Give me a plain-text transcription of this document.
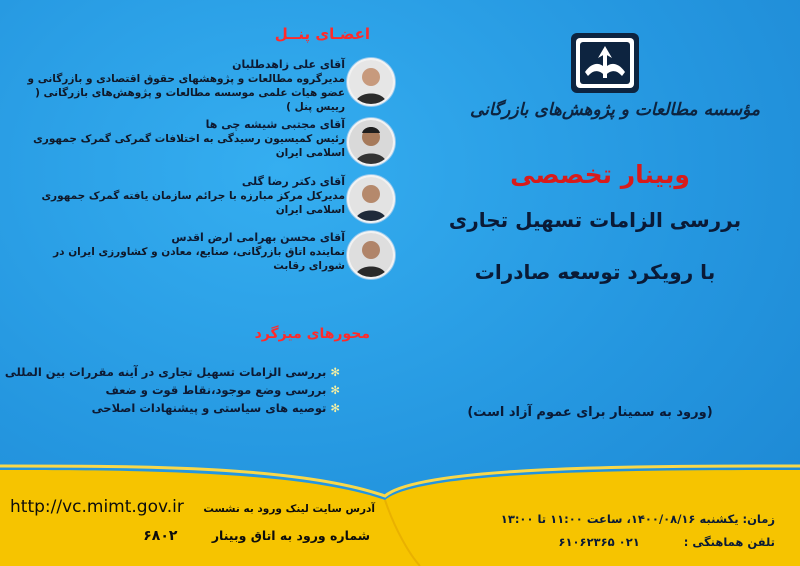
اعضـای پنــل
آقای علی زاهدطلبان
مدیرگروه مطالعات و پژوهشهای حقوق اقتصادی و بازرگانی و عضو هیات علمی موسسه مطالعات و پژوهش‌های بازرگانی ( رییس پنل )
آقای مجتبی شیشه چی ها
رئیس کمیسیون رسیدگی به اختلافات گمرکی گمرک جمهوری اسلامی ایران
آقای دکتر رضا گلی
مدیرکل مرکز مبارزه با جرائم سازمان یافته گمرک جمهوری اسلامی ایران
آقای محسن بهرامی ارض اقدس
نماینده اتاق بازرگانی، صنایع، معادن و کشاورزی ایران در شورای رقابت
محورهای میزگرد
✻بررسی الزامات تسهیل تجاری در آینه مقررات بین المللی
✻بررسی وضع موجود،نقاط قوت و ضعف
✻توصیه های سیاستی و پیشنهادات اصلاحی
مؤسسه مطالعات و پژوهش‌های بازرگانی
وبینار تخصصی
بررسی الزامات تسهیل تجاری
با رویکرد توسعه صادرات
(ورود به سمینار برای عموم آزاد است)
زمان: یکشنبه ۱۴۰۰/۰۸/۱۶، ساعت ۱۱:۰۰ تا ۱۳:۰۰
تلفن هماهنگی : ۰۲۱ ۶۱۰۶۲۳۶۵
http://vc.mimt.gov.ir	آدرس سایت لینک ورود به نشست
شماره ورود به اتاق وبینار ۶۸۰۲
